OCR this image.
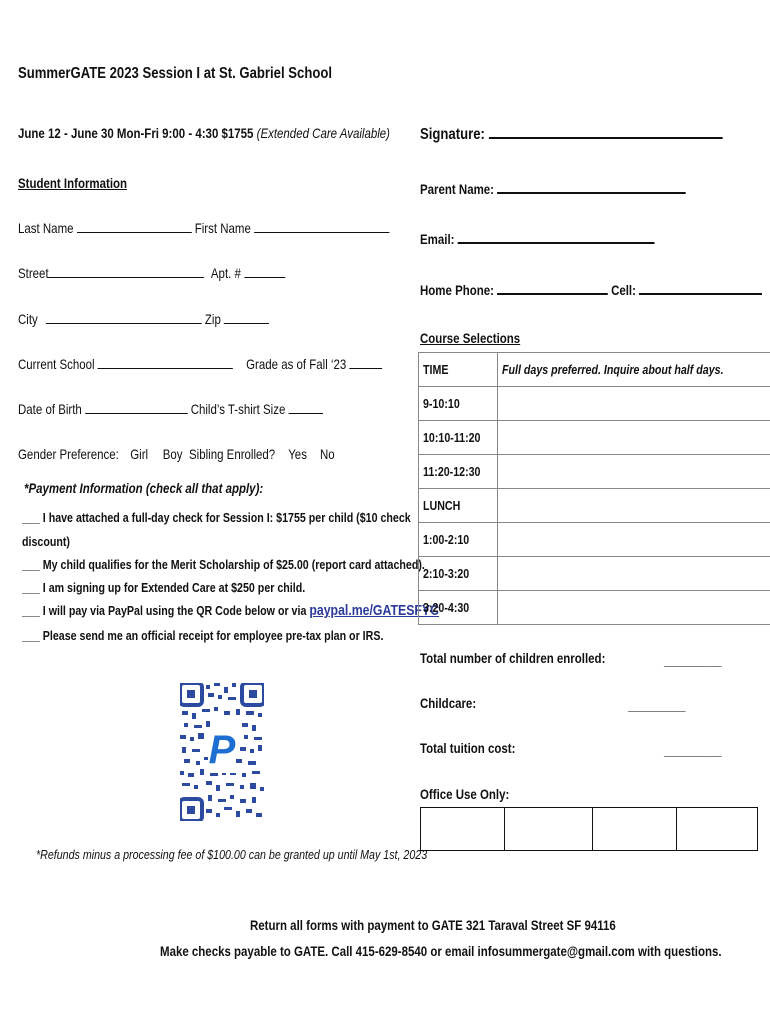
SummerGATE 2023 Session I at St. Gabriel School
June 12 - June 30 Mon-Fri 9:00 - 4:30 $1755 (Extended Care Available) Signature:
Parent Name:
Email:
Home Phone:	Cell:
Student Information
Last Name	First Name
Street	Apt. #
City	Zip
Current School	Grade as of Fall ‘23
Date of Birth	Child’s T-shirt Size
Gender Preference: Girl Boy Sibling Enrolled? Yes No
*Payment Information (check all that apply):
___ I have attached a full-day check for Session I: $1755 per child ($10 check
discount)
___ My child qualifies for the Merit Scholarship of $25.00 (report card attached).
___ I am signing up for Extended Care at $250 per child.
___ I will pay via PayPal using the QR Code below or via paypal.me/GATESFYC
___ Please send me an official receipt for employee pre-tax plan or IRS.
P
*Refunds minus a processing fee of $100.00 can be granted up until May 1st, 2023
Course Selections
TIME	Full days preferred. Inquire about half days.
9-10:10	
10:10-11:20	
11:20-12:30	
LUNCH	
1:00-2:10	
2:10-3:20	
3:20-4:30	
Total number of children enrolled:	_________
Childcare:	_________
Total tuition cost:	_________
Office Use Only:

Return all forms with payment to GATE 321 Taraval Street SF 94116
Make checks payable to GATE. Call 415-629-8540 or email infosummergate@gmail.com with questions.
